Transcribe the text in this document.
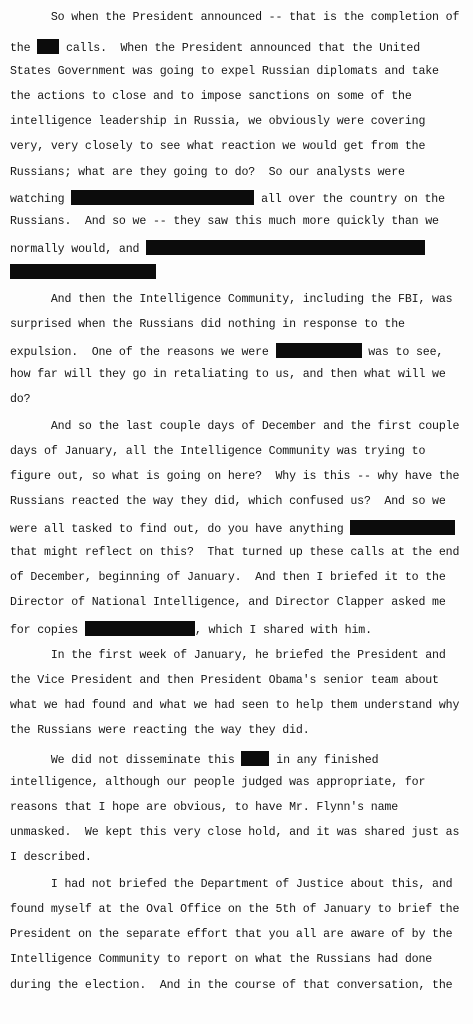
So when the President announced -- that is the completion of
the  calls.  When the President announced that the United
States Government was going to expel Russian diplomats and take
the actions to close and to impose sanctions on some of the
intelligence leadership in Russia, we obviously were covering
very, very closely to see what reaction we would get from the
Russians; what are they going to do?  So our analysts were
watching	all over the country on the
Russians.  And so we -- they saw this much more quickly than we
normally would, and
And then the Intelligence Community, including the FBI, was
surprised when the Russians did nothing in response to the
expulsion.  One of the reasons we were	was to see,
how far will they go in retaliating to us, and then what will we
do?
And so the last couple days of December and the first couple
days of January, all the Intelligence Community was trying to
figure out, so what is going on here?  Why is this -- why have the
Russians reacted the way they did, which confused us?  And so we
were all tasked to find out, do you have anything
that might reflect on this?  That turned up these calls at the end
of December, beginning of January.  And then I briefed it to the
Director of National Intelligence, and Director Clapper asked me
for copies	, which I shared with him.
In the first week of January, he briefed the President and
the Vice President and then President Obama's senior team about
what we had found and what we had seen to help them understand why
the Russians were reacting the way they did.
We did not disseminate this  in any finished
intelligence, although our people judged was appropriate, for
reasons that I hope are obvious, to have Mr. Flynn's name
unmasked.  We kept this very close hold, and it was shared just as
I described.
I had not briefed the Department of Justice about this, and
found myself at the Oval Office on the 5th of January to brief the
President on the separate effort that you all are aware of by the
Intelligence Community to report on what the Russians had done
during the election.  And in the course of that conversation, the
